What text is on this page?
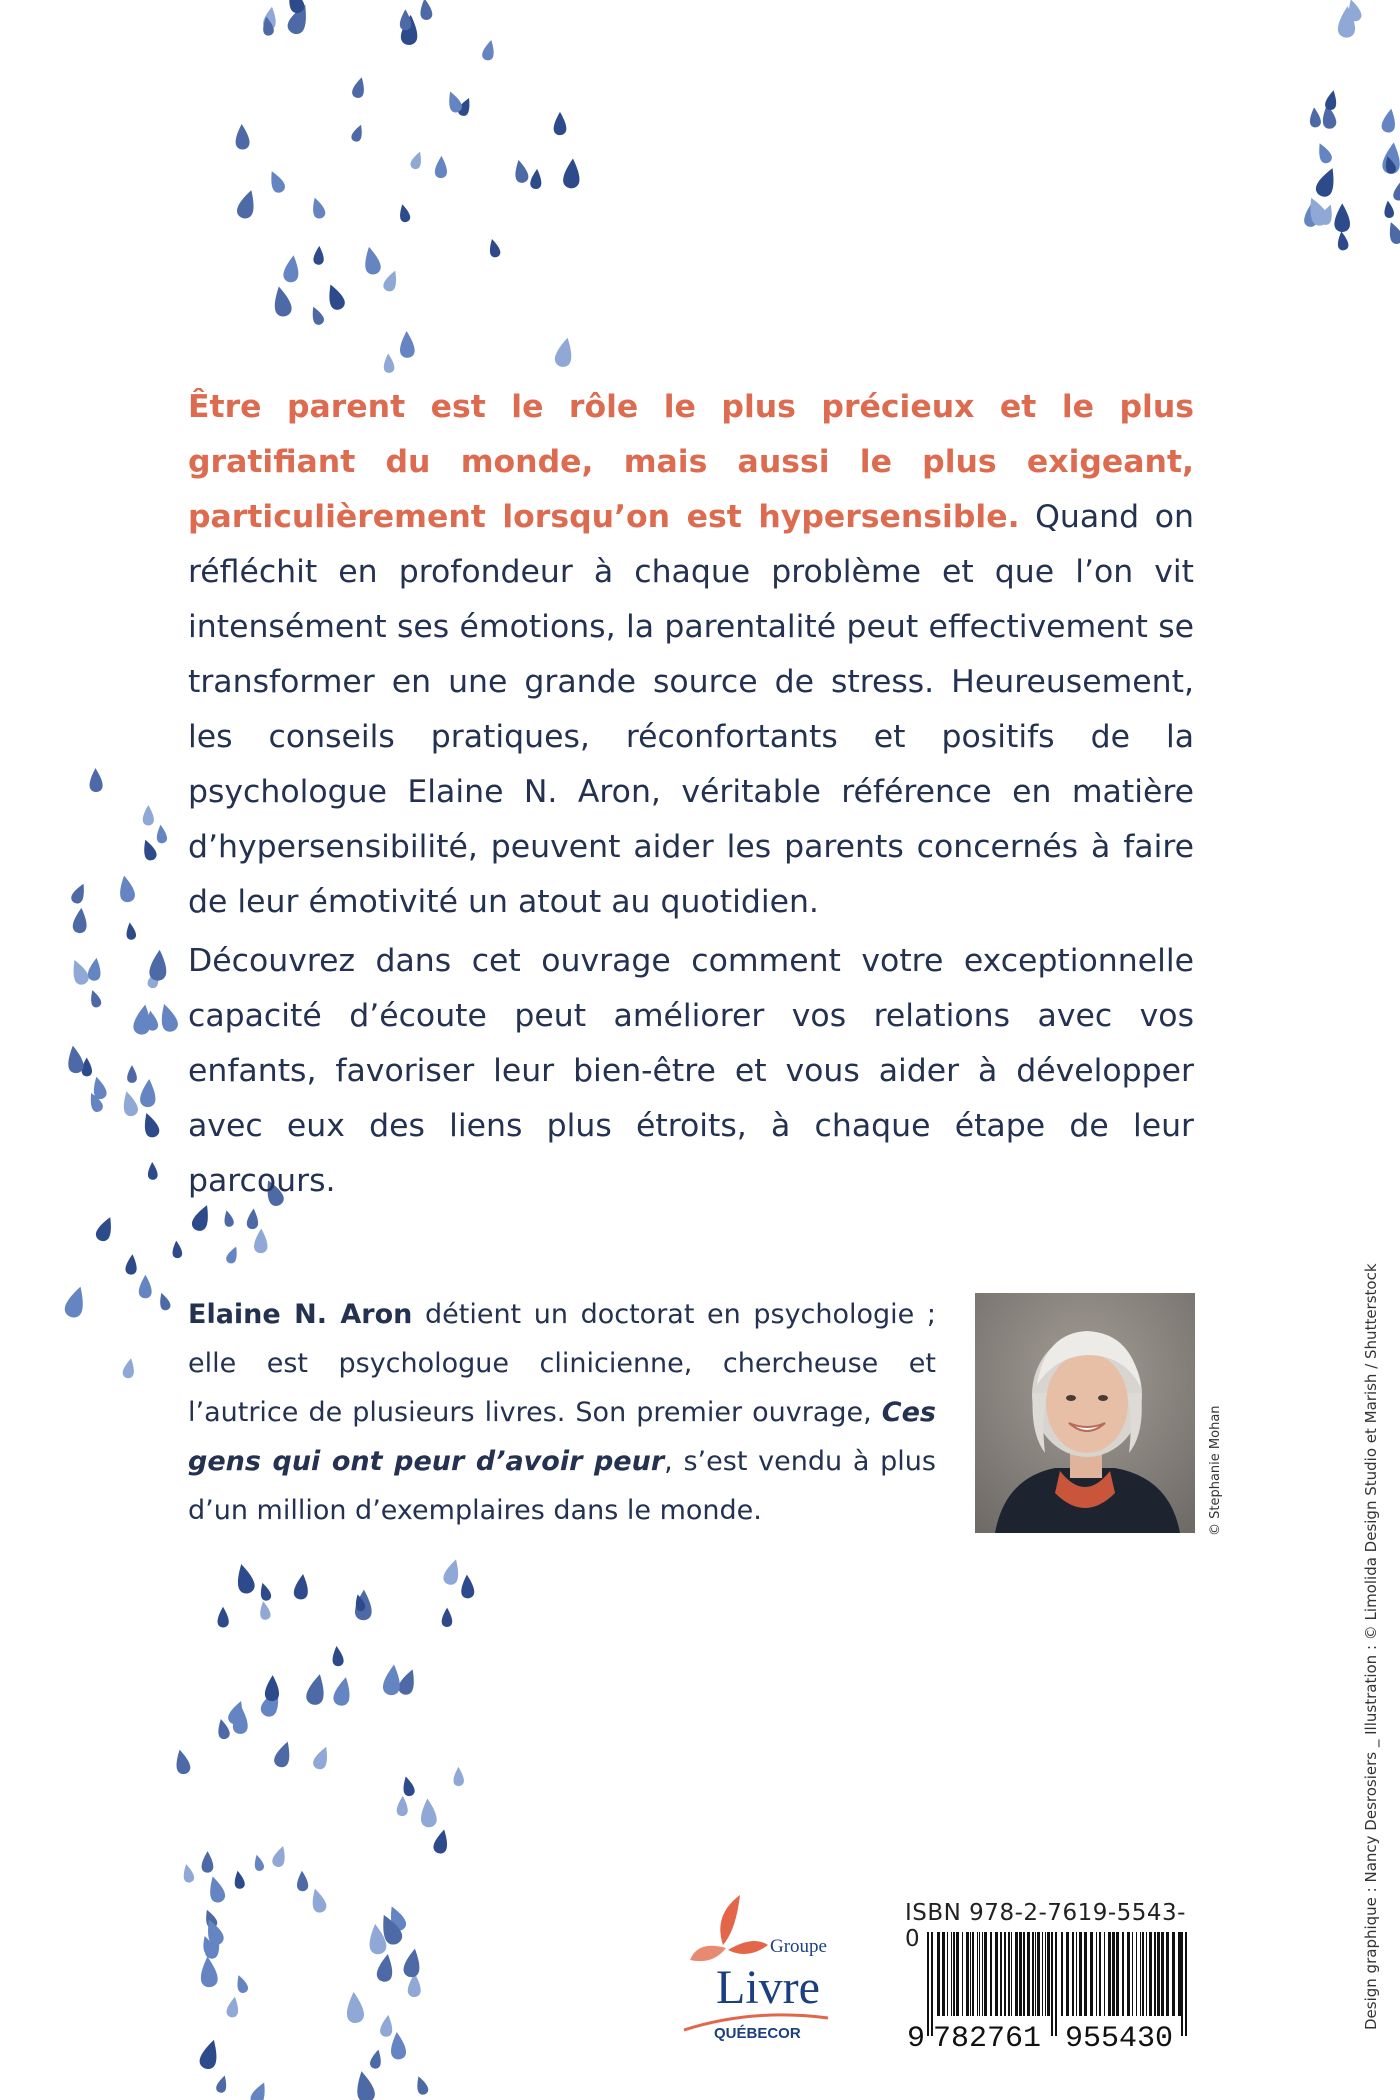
Être parent est le rôle le plus précieux et le plus gratifiant du monde, mais aussi le plus exigeant, particulièrement lorsqu’on est hypersensible. Quand on réfléchit en profondeur à chaque problème et que l’on vit intensément ses émotions, la parentalité peut effectivement se transformer en une grande source de stress. Heureusement, les conseils pratiques, réconfortants et positifs de la psychologue Elaine N. Aron, véritable référence en matière d’hypersensibilité, peuvent aider les parents concernés à faire de leur émotivité un atout au quotidien.
Découvrez dans cet ouvrage comment votre exceptionnelle capacité d’écoute peut améliorer vos relations avec vos enfants, favoriser leur bien-être et vous aider à développer avec eux des liens plus étroits, à chaque étape de leur parcours.
Elaine N. Aron détient un doctorat en psychologie ; elle est psychologue clinicienne, chercheuse et l’autrice de plusieurs livres. Son premier ouvrage, Ces gens qui ont peur d’avoir peur, s’est vendu à plus d’un million d’exemplaires dans le monde.	© Stephanie Mohan	Design graphique : Nancy Desrosiers _ Illustration : © Limolida Design Studio et Marish / Shutterstock
Groupe
Livre
QUÉBECOR
ISBN 978-2-7619-5543-0
9 782761 955430
